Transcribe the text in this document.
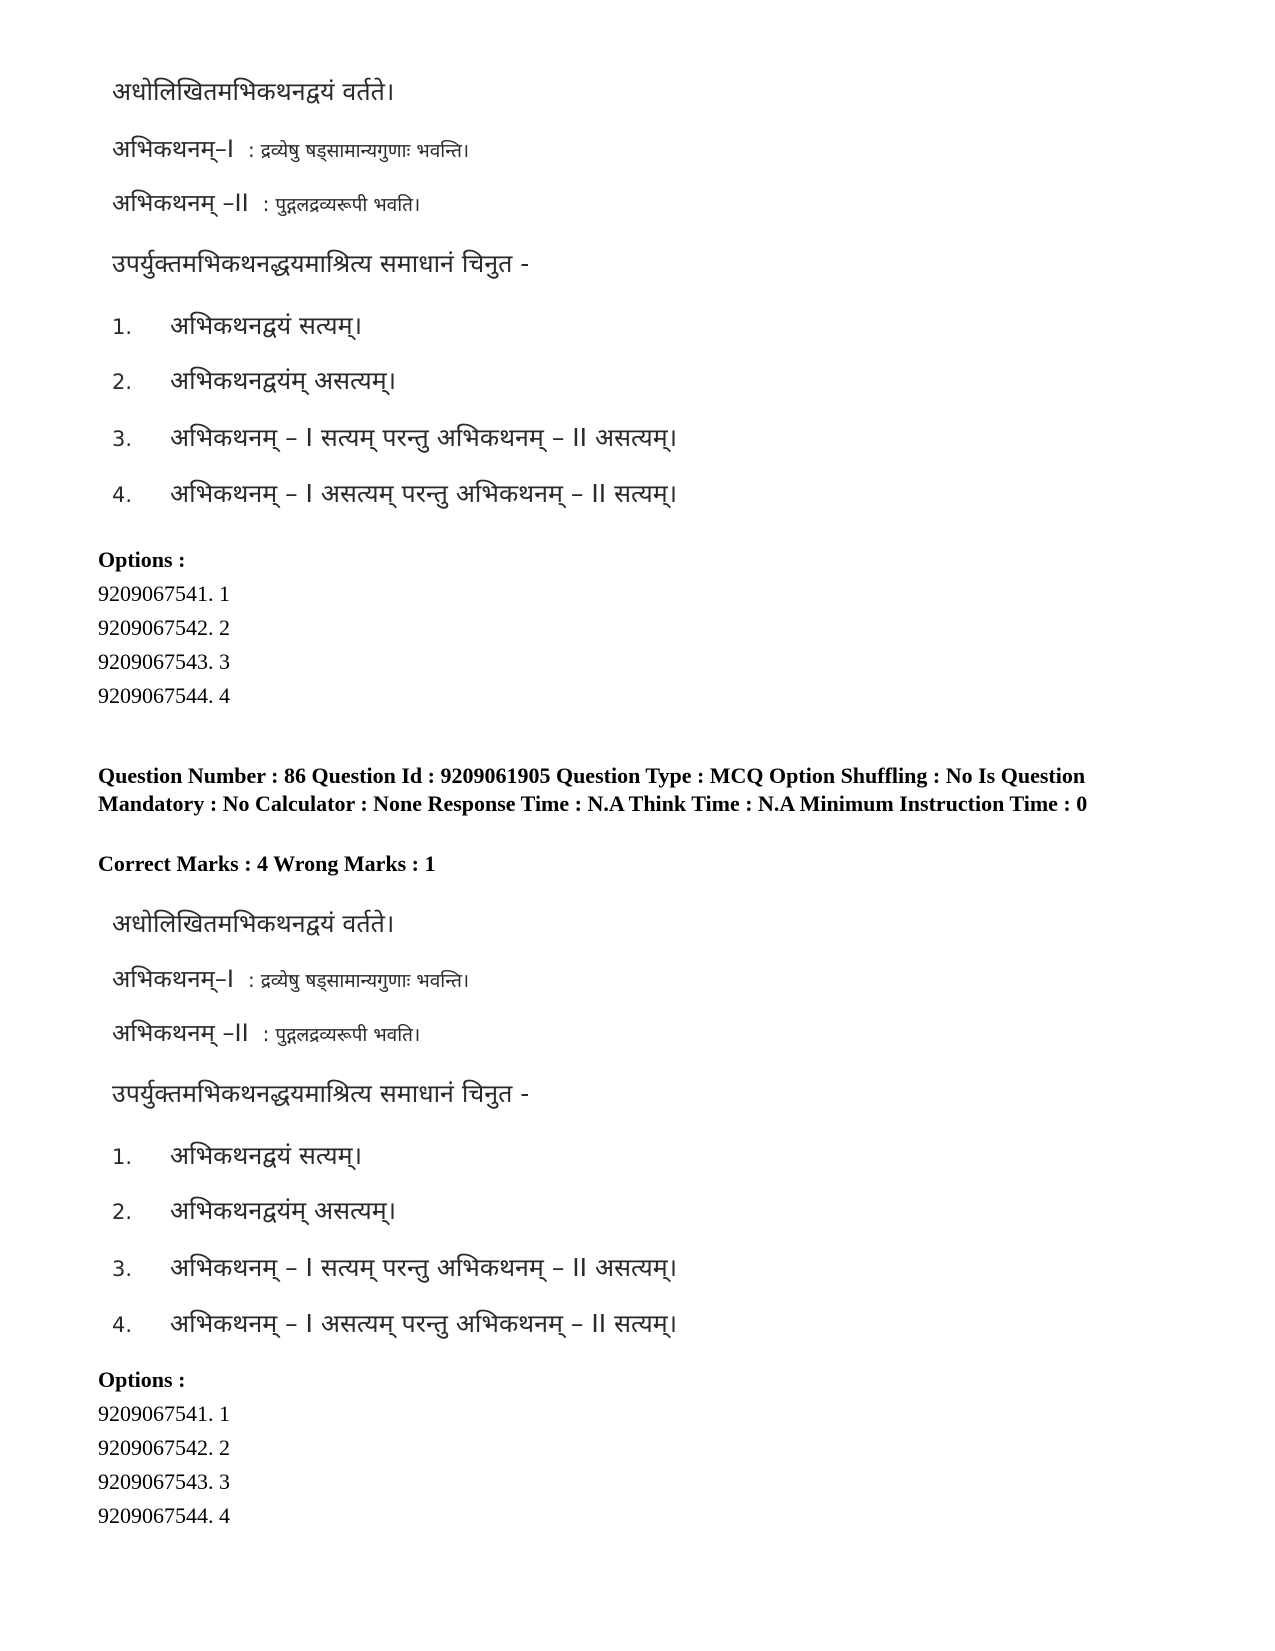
अधोलिखितमभिकथनद्वयं वर्तते।
अभिकथनम्–I : द्रव्येषु षड्सामान्यगुणाः भवन्ति।
अभिकथनम् –II : पुद्गलद्रव्यरूपी भवति।
उपर्युक्तमभिकथनद्धयमाश्रित्य समाधानं चिनुत -
1. अभिकथनद्वयं सत्यम्।
2. अभिकथनद्वयंम् असत्यम्।
3. अभिकथनम् – I सत्यम् परन्तु अभिकथनम् – II असत्यम्।
4. अभिकथनम् – I असत्यम् परन्तु अभिकथनम् – II सत्यम्।
Options :
9209067541. 1
9209067542. 2
9209067543. 3
9209067544. 4
Question Number : 86 Question Id : 9209061905 Question Type : MCQ Option Shuffling : No Is Question Mandatory : No Calculator : None Response Time : N.A Think Time : N.A Minimum Instruction Time : 0
Correct Marks : 4 Wrong Marks : 1
अधोलिखितमभिकथनद्वयं वर्तते।
अभिकथनम्–I : द्रव्येषु षड्सामान्यगुणाः भवन्ति।
अभिकथनम् –II : पुद्गलद्रव्यरूपी भवति।
उपर्युक्तमभिकथनद्धयमाश्रित्य समाधानं चिनुत -
1. अभिकथनद्वयं सत्यम्।
2. अभिकथनद्वयंम् असत्यम्।
3. अभिकथनम् – I सत्यम् परन्तु अभिकथनम् – II असत्यम्।
4. अभिकथनम् – I असत्यम् परन्तु अभिकथनम् – II सत्यम्।
Options :
9209067541. 1
9209067542. 2
9209067543. 3
9209067544. 4
